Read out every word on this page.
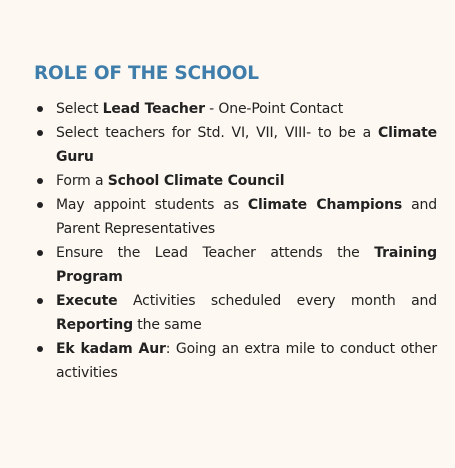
ROLE OF THE SCHOOL
Select Lead Teacher - One-Point Contact
Select teachers for Std. VI, VII, VIII- to be a Climate Guru
Form a School Climate Council
May appoint students as Climate Champions and Parent Representatives
Ensure the Lead Teacher attends the Training Program
Execute Activities scheduled every month and Reporting the same
Ek kadam Aur: Going an extra mile to conduct other activities
